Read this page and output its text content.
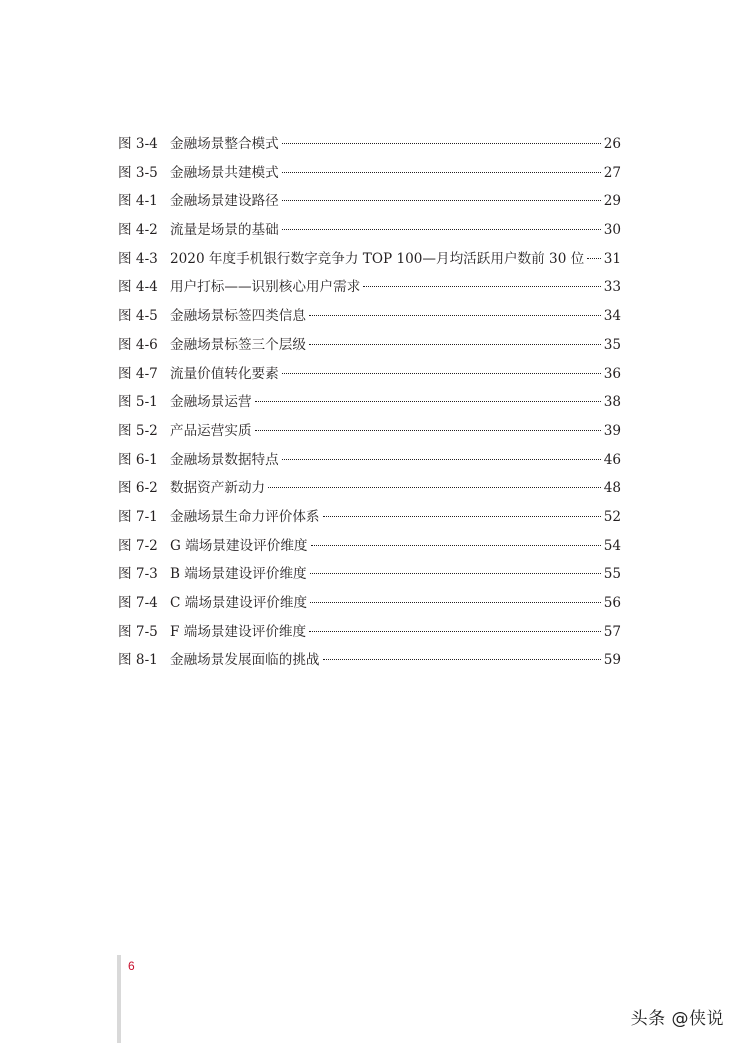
图 3-4 金融场景整合模式	26
图 3-5 金融场景共建模式	27
图 4-1 金融场景建设路径	29
图 4-2 流量是场景的基础	30
图 4-3 2020 年度手机银行数字竞争力 TOP 100—月均活跃用户数前 30 位 31
图 4-4 用户打标——识别核心用户需求	33
图 4-5 金融场景标签四类信息	34
图 4-6 金融场景标签三个层级	35
图 4-7 流量价值转化要素	36
图 5-1 金融场景运营	38
图 5-2 产品运营实质	39
图 6-1 金融场景数据特点	46
图 6-2 数据资产新动力	48
图 7-1 金融场景生命力评价体系	52
图 7-2 G 端场景建设评价维度	54
图 7-3 B 端场景建设评价维度	55
图 7-4 C 端场景建设评价维度	56
图 7-5 F 端场景建设评价维度	57
图 8-1 金融场景发展面临的挑战	59
6
头条 @侠说
